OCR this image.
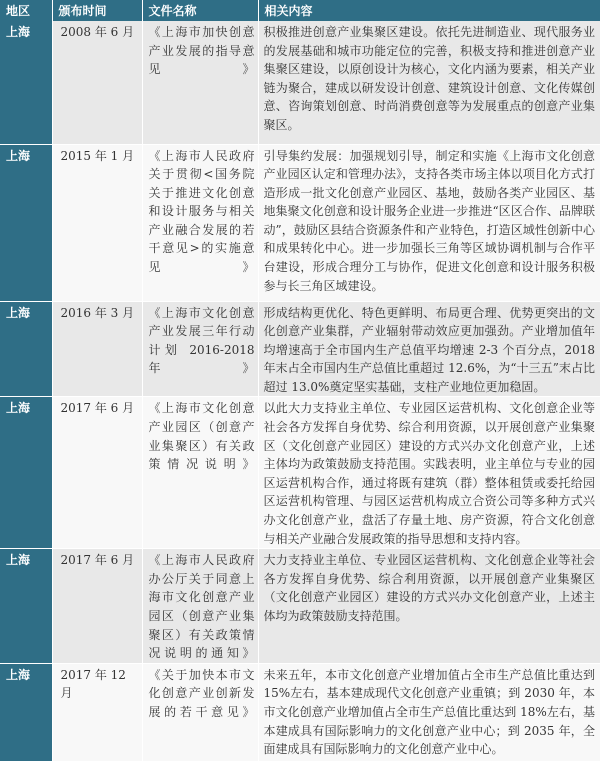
地区	颁布时间	文件名称	相关内容
上海	2008 年 6 月	《上海市加快创意产业发展的指导意见》	积极推进创意产业集聚区建设。依托先进制造业、现代服务业的发展基础和城市功能定位的完善，积极支持和推进创意产业集聚区建设，以原创设计为核心，文化内涵为要素，相关产业链为聚合，建成以研发设计创意、建筑设计创意、文化传媒创意、咨询策划创意、时尚消费创意等为发展重点的创意产业集聚区。
上海	2015 年 1 月	《上海市人民政府关于贯彻<国务院关于推进文化创意和设计服务与相关产业融合发展的若干意见>的实施意见》	引导集约发展：加强规划引导，制定和实施《上海市文化创意产业园区认定和管理办法》，支持各类市场主体以项目化方式打造形成一批文化创意产业园区、基地，鼓励各类产业园区、基地集聚文化创意和设计服务企业进一步推进“区区合作、品牌联动”，鼓励区县结合资源条件和产业特色，打造区域性创新中心和成果转化中心。进一步加强长三角等区域协调机制与合作平台建设，形成合理分工与协作，促进文化创意和设计服务积极参与长三角区域建设。
上海	2016 年 3 月	《上海市文化创意产业发展三年行动计划 2016-2018 年》	形成结构更优化、特色更鲜明、布局更合理、优势更突出的文化创意产业集群，产业辐射带动效应更加强劲。产业增加值年均增速高于全市国内生产总值平均增速 2-3 个百分点，2018 年末占全市国内生产总值比重超过 12.6%，为“十三五”末占比超过 13.0%奠定坚实基础，支柱产业地位更加稳固。
上海	2017 年 6 月	《上海市文化创意产业园区（创意产业集聚区）有关政策情况说明》	以此大力支持业主单位、专业园区运营机构、文化创意企业等社会各方发挥自身优势、综合利用资源，以开展创意产业集聚区（文化创意产业园区）建设的方式兴办文化创意产业，上述主体均为政策鼓励支持范围。实践表明，业主单位与专业的园区运营机构合作，通过将既有建筑（群）整体租赁或委托给园区运营机构管理、与园区运营机构成立合资公司等多种方式兴办文化创意产业，盘活了存量土地、房产资源，符合文化创意与相关产业融合发展政策的指导思想和支持内容。
上海	2017 年 6 月	《上海市人民政府办公厅关于同意上海市文化创意产业园区（创意产业集聚区）有关政策情况说明的通知》	大力支持业主单位、专业园区运营机构、文化创意企业等社会各方发挥自身优势、综合利用资源，以开展创意产业集聚区（文化创意产业园区）建设的方式兴办文化创意产业，上述主体均为政策鼓励支持范围。
上海	2017 年 12 月	《关于加快本市文化创意产业创新发展的若干意见》	未来五年，本市文化创意产业增加值占全市生产总值比重达到 15%左右，基本建成现代文化创意产业重镇；到 2030 年，本市文化创意产业增加值占全市生产总值比重达到 18%左右，基本建成具有国际影响力的文化创意产业中心；到 2035 年，全面建成具有国际影响力的文化创意产业中心。
